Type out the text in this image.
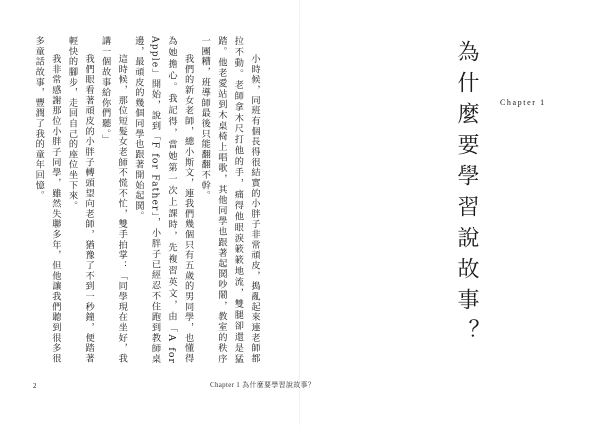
小時候，同班有個長得很結實的小胖子非常頑皮，搗亂起來連老師都拉不動。老師拿木尺打他的手，痛得他眼淚簌簌地流，雙腿卻還是猛踏。他老愛站到木桌椅上唱歌，其他同學也跟著起鬨吵鬧，教室的秩序一團糟，班導師最後只能翻翻不幹。

我們的新女老師，總小斯文，連我們幾個只有五歲的男同學，也懂得為她擔心。我記得，當她第一次上課時，先複習英文，由「A for Apple」開始，說到「F for Father」，小胖子已經忍不住跑到教師桌邊，最頑皮的幾個同學也跟著開始起鬨。

這時候，那位短髮女老師不慌不忙，雙手拍掌：「同學現在坐好，我講一個故事給你們聽。」

我們眼看著頑皮的小胖子轉頭望向老師，猶豫了不到一秒鐘，便踏著輕快的腳步，走回自己的座位坐下來。

我非常感謝那位小胖子同學，雖然失聯多年，但他讓我們聽到很多很多童話故事，豐潤了我的童年回憶。

2	Chapter 1 為什麼要學習說故事？
Chapter 1
為什麼要學習說故事？
